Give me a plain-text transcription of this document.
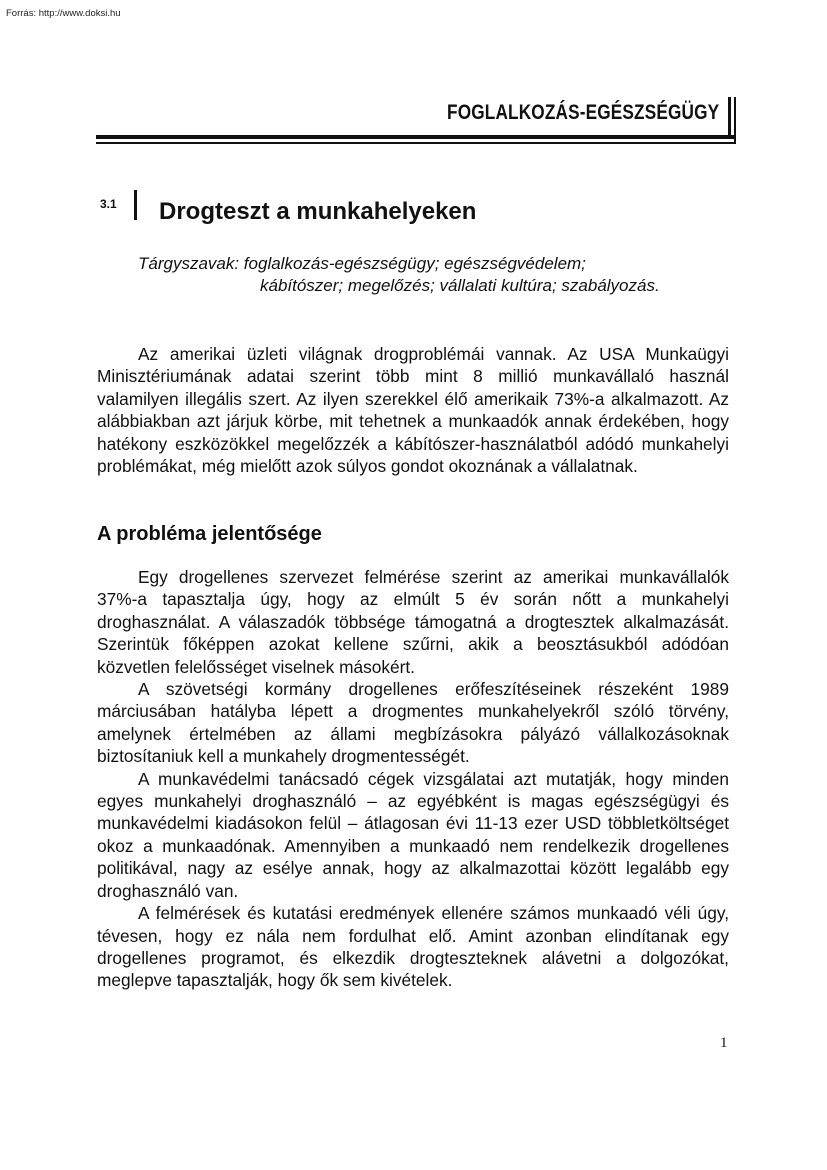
Forrás: http://www.doksi.hu
FOGLALKOZÁS-EGÉSZSÉGÜGY
3.1 Drogteszt a munkahelyeken
Tárgyszavak: foglalkozás-egészségügy; egészségvédelem;
kábítószer; megelőzés; vállalati kultúra; szabályozás.

Az amerikai üzleti világnak drogproblémái vannak. Az USA Munkaügyi Minisztériumának adatai szerint több mint 8 millió munkavállaló használ valamilyen illegális szert. Az ilyen szerekkel élő amerikaik 73%-a alkalmazott. Az alábbiakban azt járjuk körbe, mit tehetnek a munkaadók annak érdekében, hogy hatékony eszközökkel megelőzzék a kábítószer-használatból adódó munkahelyi problémákat, még mielőtt azok súlyos gondot okoznának a vállalatnak.

A probléma jelentősége

Egy drogellenes szervezet felmérése szerint az amerikai munkavállalók 37%-a tapasztalja úgy, hogy az elmúlt 5 év során nőtt a munkahelyi droghasználat. A válaszadók többsége támogatná a drogtesztek alkalmazását. Szerintük főképpen azokat kellene szűrni, akik a beosztásukból adódóan közvetlen felelősséget viselnek másokért.

A szövetségi kormány drogellenes erőfeszítéseinek részeként 1989 márciusában hatályba lépett a drogmentes munkahelyekről szóló törvény, amelynek értelmében az állami megbízásokra pályázó vállalkozásoknak biztosítaniuk kell a munkahely drogmentességét.

A munkavédelmi tanácsadó cégek vizsgálatai azt mutatják, hogy minden egyes munkahelyi droghasználó – az egyébként is magas egészségügyi és munkavédelmi kiadásokon felül – átlagosan évi 11-13 ezer USD többletköltséget okoz a munkaadónak. Amennyiben a munkaadó nem rendelkezik drogellenes politikával, nagy az esélye annak, hogy az alkalmazottai között legalább egy droghasználó van.

A felmérések és kutatási eredmények ellenére számos munkaadó véli úgy, tévesen, hogy ez nála nem fordulhat elő. Amint azonban elindítanak egy drogellenes programot, és elkezdik drogteszteknek alávetni a dolgozókat, meglepve tapasztalják, hogy ők sem kivételek.

1
